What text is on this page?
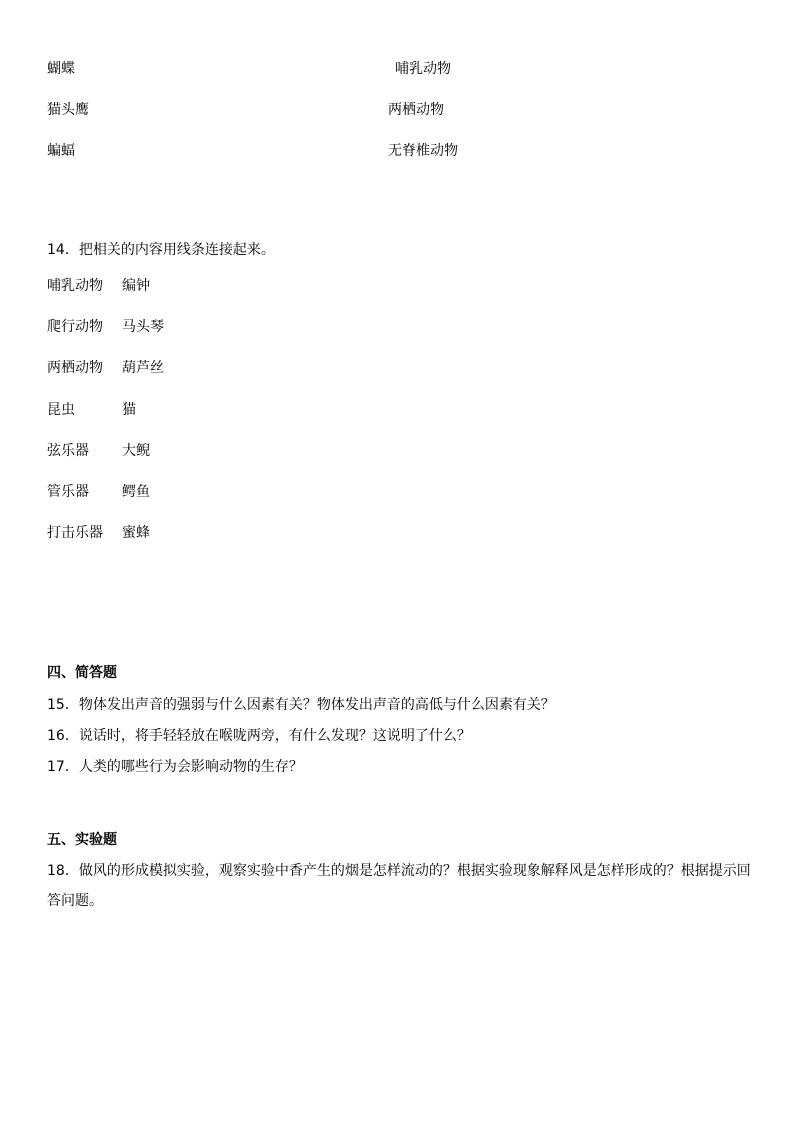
蝴蝶	哺乳动物
猫头鹰	两栖动物
蝙蝠	无脊椎动物
14．把相关的内容用线条连接起来。
哺乳动物 编钟
爬行动物 马头琴
两栖动物 葫芦丝
昆虫	猫
弦乐器 大鲵
管乐器 鳄鱼
打击乐器 蜜蜂
四、简答题
15．物体发出声音的强弱与什么因素有关？物体发出声音的高低与什么因素有关？
16．说话时，将手轻轻放在喉咙两旁，有什么发现？这说明了什么？
17．人类的哪些行为会影响动物的生存？
五、实验题
18．做风的形成模拟实验，观察实验中香产生的烟是怎样流动的？根据实验现象解释风是怎样形成的？根据提示回
答问题。
